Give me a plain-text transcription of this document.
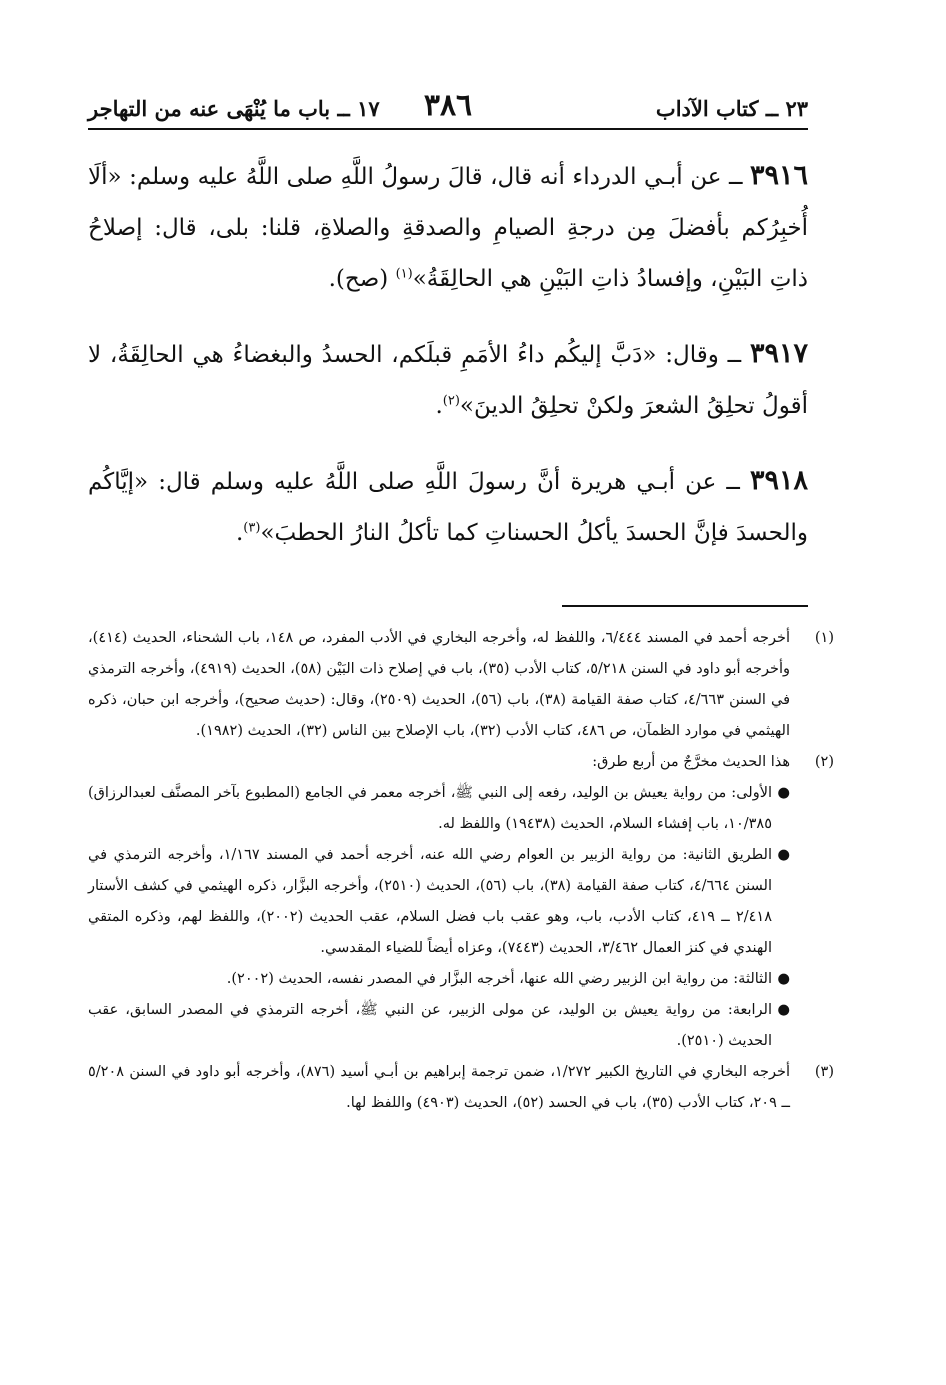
٢٣ ــ كتاب الآداب
٣٨٦
١٧ ــ باب ما يُنْهَى عنه من التهاجر

٣٩١٦ ــ عن أبـي الدرداء أنه قال، قالَ رسولُ اللَّهِ صلى اللَّهُ عليه وسلم: «ألَا أُخبِرُكم بأفضلَ مِن درجةِ الصيامِ والصدقةِ والصلاةِ، قلنا: بلى، قال: إصلاحُ ذاتِ البَيْنِ، وإفسادُ ذاتِ البَيْنِ هي الحالِقَةُ»$^{(١)}$ (صح).

٣٩١٧ ــ وقال: «دَبَّ إليكُم داءُ الأمَمِ قبلَكم، الحسدُ والبغضاءُ هي الحالِقَةُ، لا أقولُ تحلِقُ الشعرَ ولكنْ تحلِقُ الدينَ»$^{(٢)}$.

٣٩١٨ ــ عن أبـي هريرة أنَّ رسولَ اللَّهِ صلى اللَّهُ عليه وسلم قال: «إيَّاكُم والحسدَ فإنَّ الحسدَ يأكلُ الحسناتِ كما تأكلُ النارُ الحطبَ»$^{(٣)}$.

(١)
أخرجه أحمد في المسند ٦/٤٤٤، واللفظ له، وأخرجه البخاري في الأدب المفرد، ص ١٤٨، باب الشحناء، الحديث (٤١٤)، وأخرجه أبو داود في السنن ٥/٢١٨، كتاب الأدب (٣٥)، باب في إصلاح ذات البَيْن (٥٨)، الحديث (٤٩١٩)، وأخرجه الترمذي في السنن ٤/٦٦٣، كتاب صفة القيامة (٣٨)، باب (٥٦)، الحديث (٢٥٠٩)، وقال: (حديث صحيح)، وأخرجه ابن حبان، ذكره الهيثمي في موارد الظمآن، ص ٤٨٦، كتاب الأدب (٣٢)، باب الإصلاح بين الناس (٣٢)، الحديث (١٩٨٢).
(٢)
هذا الحديث مخرَّجٌ من أربع طرق:
●
الأولى: من رواية يعيش بن الوليد، رفعه إلى النبي ﷺ، أخرجه معمر في الجامع (المطبوع بآخر المصنَّف لعبدالرزاق) ١٠/٣٨٥، باب إفشاء السلام، الحديث (١٩٤٣٨) واللفظ له.
●
الطريق الثانية: من رواية الزبير بن العوام رضي الله عنه، أخرجه أحمد في المسند ١/١٦٧، وأخرجه الترمذي في السنن ٤/٦٦٤، كتاب صفة القيامة (٣٨)، باب (٥٦)، الحديث (٢٥١٠)، وأخرجه البزَّار، ذكره الهيثمي في كشف الأستار ٢/٤١٨ ــ ٤١٩، كتاب الأدب، باب، وهو عقب باب فضل السلام، عقب الحديث (٢٠٠٢)، واللفظ لهم، وذكره المتقي الهندي في كنز العمال ٣/٤٦٢، الحديث (٧٤٤٣)، وعزاه أيضاً للضياء المقدسي.
●
الثالثة: من رواية ابن الزبير رضي الله عنها، أخرجه البزَّار في المصدر نفسه، الحديث (٢٠٠٢).
●
الرابعة: من رواية يعيش بن الوليد، عن مولى الزبير، عن النبي ﷺ، أخرجه الترمذي في المصدر السابق، عقب الحديث (٢٥١٠).
(٣)
أخرجه البخاري في التاريخ الكبير ١/٢٧٢، ضمن ترجمة إبراهيم بن أبـي أسيد (٨٧٦)، وأخرجه أبو داود في السنن ٥/٢٠٨ ــ ٢٠٩، كتاب الأدب (٣٥)، باب في الحسد (٥٢)، الحديث (٤٩٠٣) واللفظ لها.
